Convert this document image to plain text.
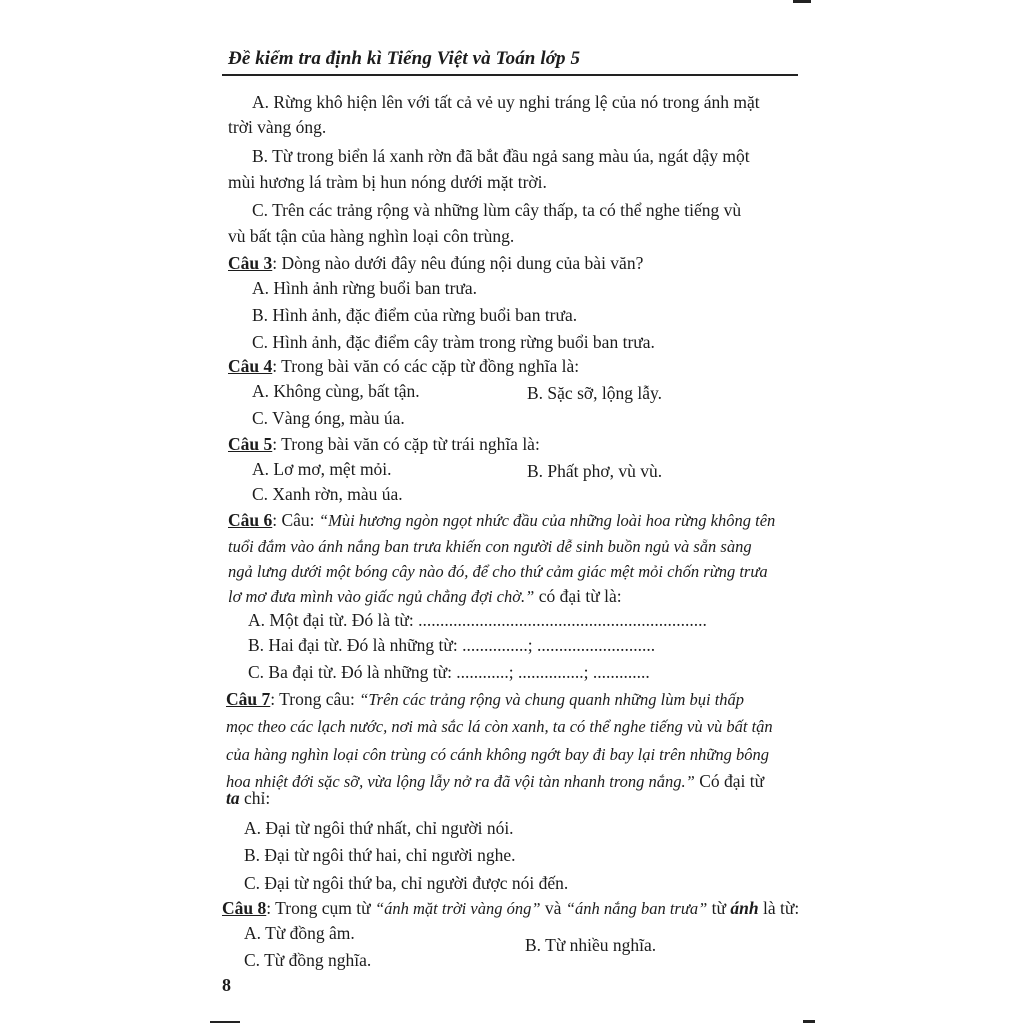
Đề kiểm tra định kì Tiếng Việt và Toán lớp 5
A. Rừng khô hiện lên với tất cả vẻ uy nghi tráng lệ của nó trong ánh mặt
trời vàng óng.
B. Từ trong biển lá xanh rờn đã bắt đầu ngả sang màu úa, ngát dậy một
mùi hương lá tràm bị hun nóng dưới mặt trời.
C. Trên các trảng rộng và những lùm cây thấp, ta có thể nghe tiếng vù
vù bất tận của hàng nghìn loại côn trùng.
Câu 3: Dòng nào dưới đây nêu đúng nội dung của bài văn?
A. Hình ảnh rừng buổi ban trưa.
B. Hình ảnh, đặc điểm của rừng buổi ban trưa.
C. Hình ảnh, đặc điểm cây tràm trong rừng buổi ban trưa.
Câu 4: Trong bài văn có các cặp từ đồng nghĩa là:
A. Không cùng, bất tận.	B. Sặc sỡ, lộng lẫy.
C. Vàng óng, màu úa.
Câu 5: Trong bài văn có cặp từ trái nghĩa là:
A. Lơ mơ, mệt mỏi.	B. Phất phơ, vù vù.
C. Xanh rờn, màu úa.
Câu 6: Câu: “Mùi hương ngòn ngọt nhức đầu của những loài hoa rừng không tên
tuổi đắm vào ánh nắng ban trưa khiến con người dễ sinh buồn ngủ và sẵn sàng
ngả lưng dưới một bóng cây nào đó, để cho thứ cảm giác mệt mỏi chốn rừng trưa
lơ mơ đưa mình vào giấc ngủ chẳng đợi chờ.” có đại từ là:
A. Một đại từ. Đó là từ: ..................................................................
B. Hai đại từ. Đó là những từ: ...............; ...........................
C. Ba đại từ. Đó là những từ: ............; ...............; .............
Câu 7: Trong câu: “Trên các trảng rộng và chung quanh những lùm bụi thấp
mọc theo các lạch nước, nơi mà sắc lá còn xanh, ta có thể nghe tiếng vù vù bất tận
của hàng nghìn loại côn trùng có cánh không ngớt bay đi bay lại trên những bông
hoa nhiệt đới sặc sỡ, vừa lộng lẫy nở ra đã vội tàn nhanh trong nắng.” Có đại từ
ta chỉ:
A. Đại từ ngôi thứ nhất, chỉ người nói.
B. Đại từ ngôi thứ hai, chỉ người nghe.
C. Đại từ ngôi thứ ba, chỉ người được nói đến.
Câu 8: Trong cụm từ “ánh mặt trời vàng óng” và “ánh nắng ban trưa” từ ánh là từ:
A. Từ đồng âm.
B. Từ nhiều nghĩa.
C. Từ đồng nghĩa.
8
